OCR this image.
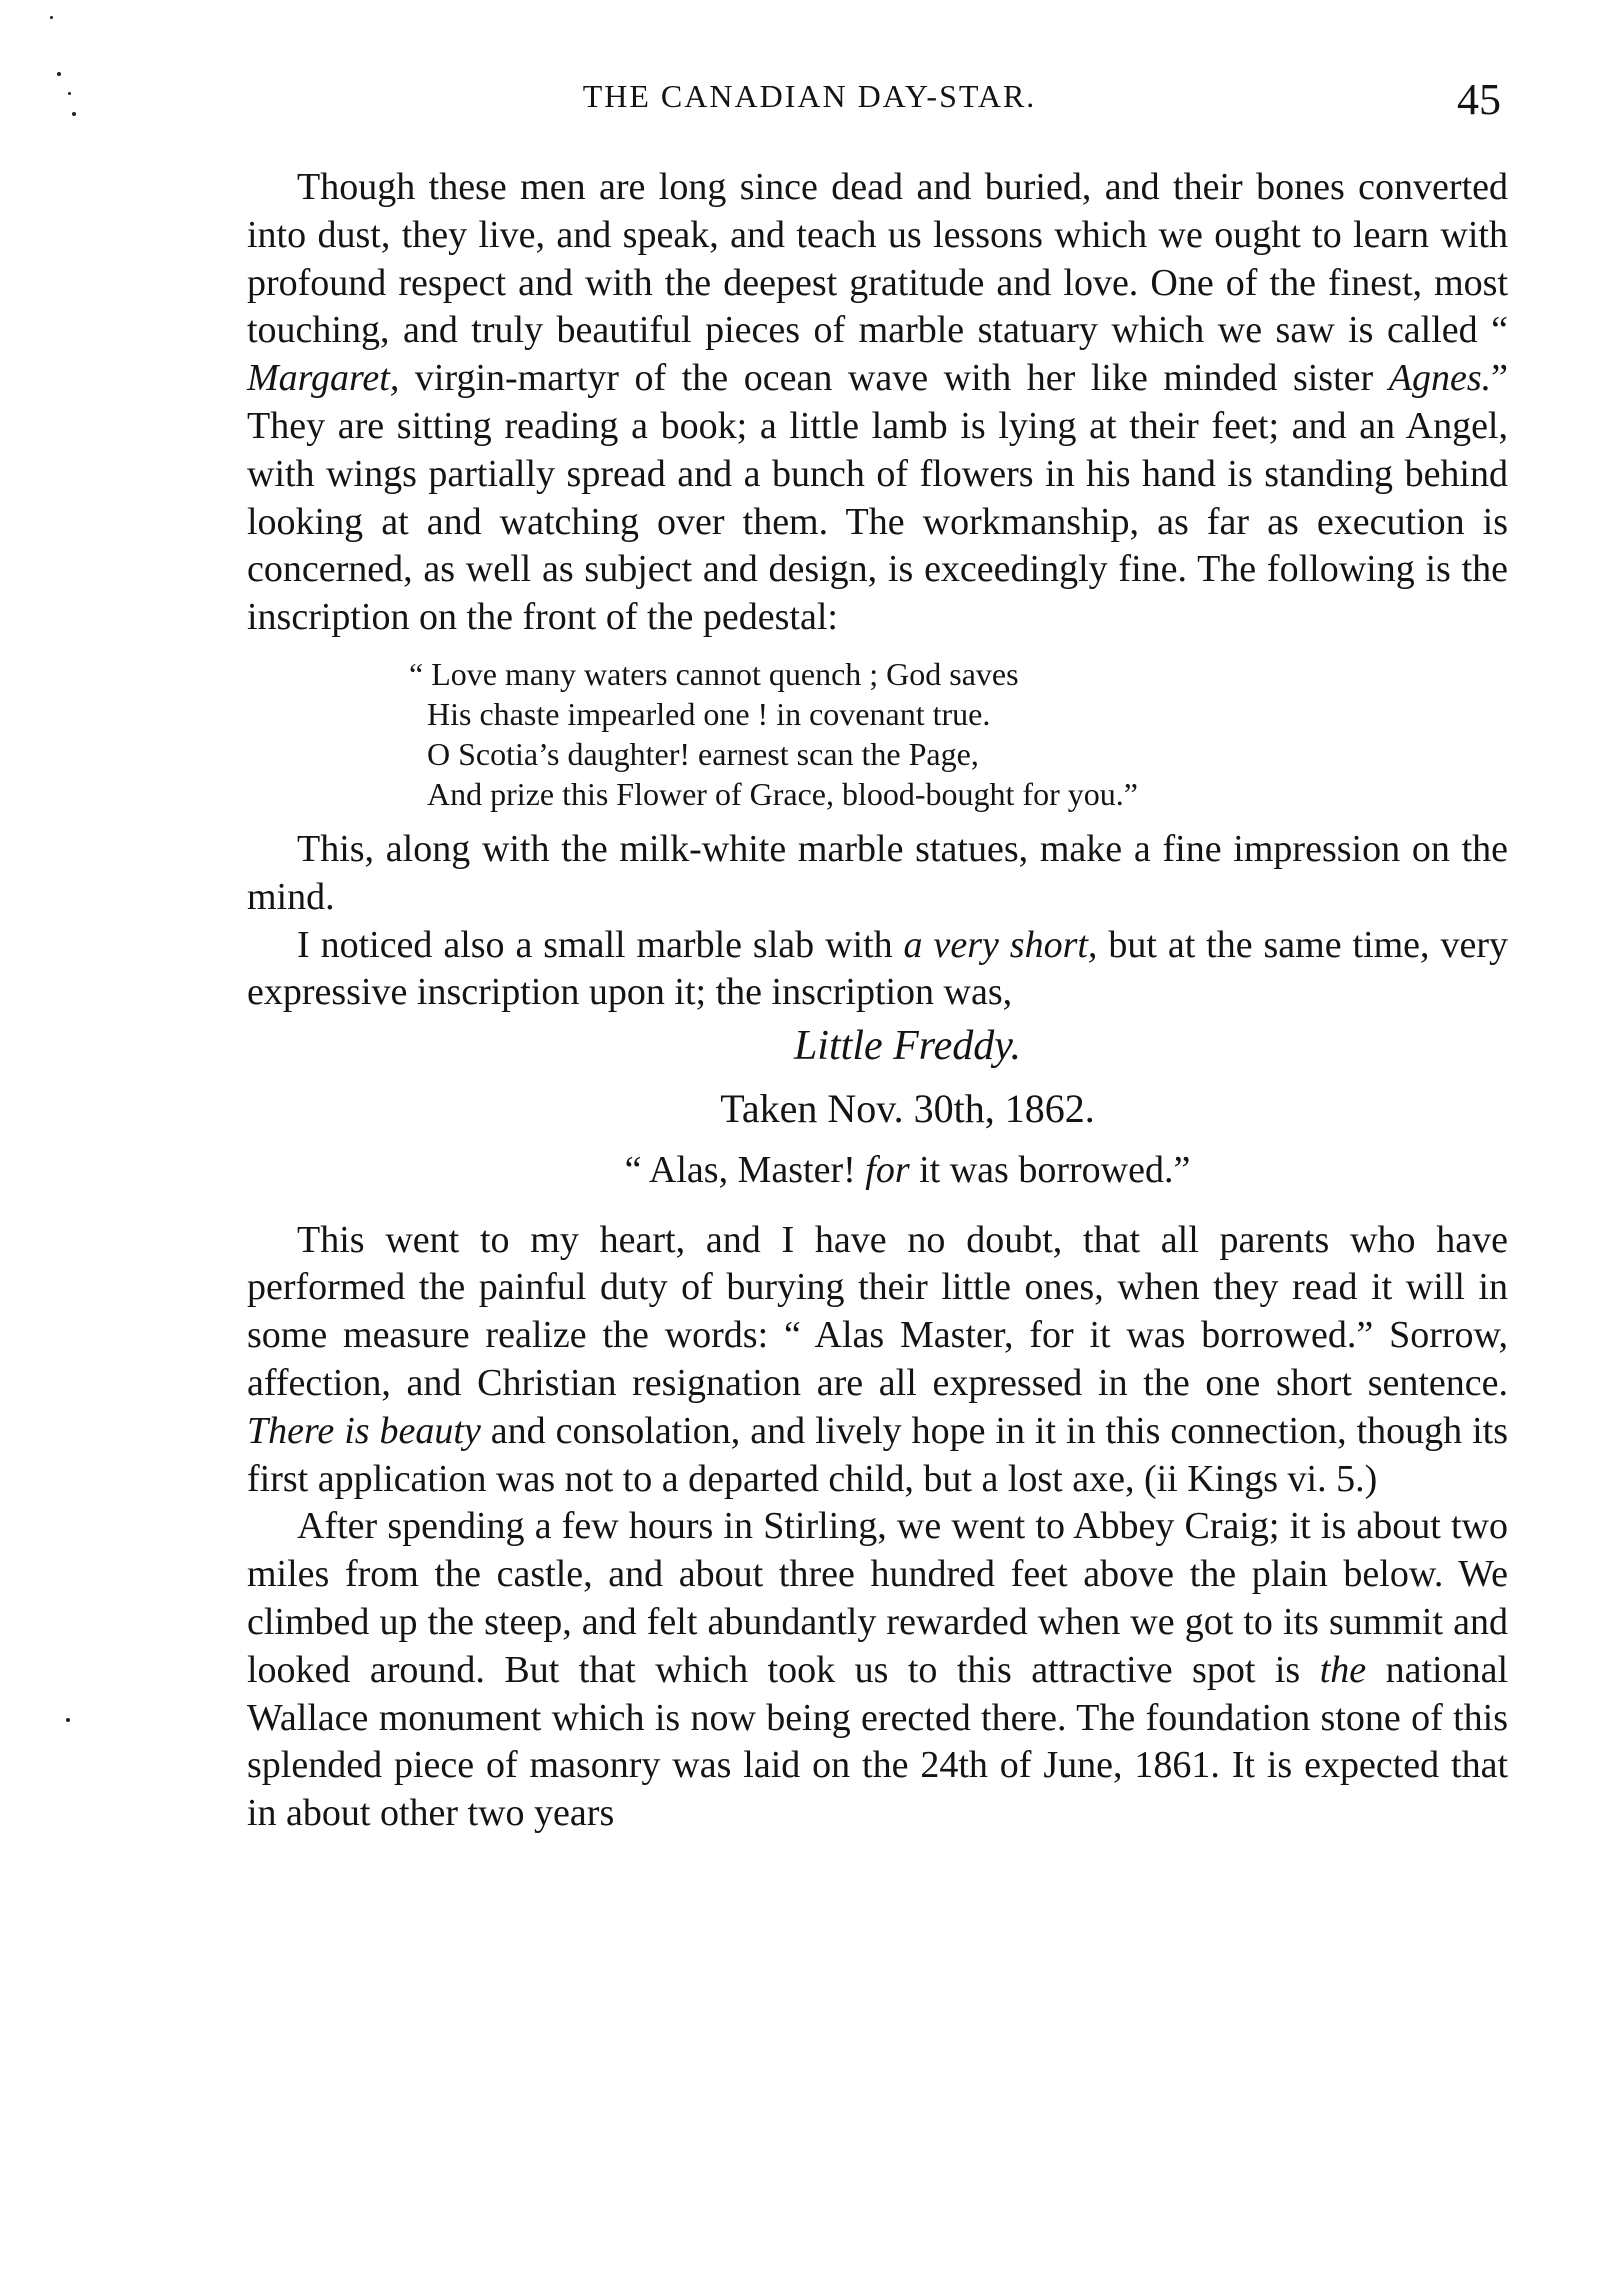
THE CANADIAN DAY-STAR.	45

Though these men are long since dead and buried, and their bones converted into dust, they live, and speak, and teach us lessons which we ought to learn with profound respect and with the deepest gratitude and love. One of the finest, most touching, and truly beautiful pieces of marble statuary which we saw is called “ Margaret, virgin-martyr of the ocean wave with her like minded sister Agnes.” They are sitting reading a book; a little lamb is lying at their feet; and an Angel, with wings partially spread and a bunch of flowers in his hand is standing behind looking at and watching over them. The workmanship, as far as execution is concerned, as well as subject and design, is exceedingly fine. The following is the inscription on the front of the pedestal:

“ Love many waters cannot quench ; God saves
His chaste impearled one ! in covenant true.
O Scotia’s daughter! earnest scan the Page,
And prize this Flower of Grace, blood-bought for you.”

This, along with the milk-white marble statues, make a fine impression on the mind.

I noticed also a small marble slab with a very short, but at the same time, very expressive inscription upon it; the inscription was,

Little Freddy.

Taken Nov. 30th, 1862.

“ Alas, Master! for it was borrowed.”

This went to my heart, and I have no doubt, that all parents who have performed the painful duty of burying their little ones, when they read it will in some measure realize the words: “ Alas Master, for it was borrowed.” Sorrow, affection, and Christian resignation are all expressed in the one short sentence. There is beauty and consolation, and lively hope in it in this connection, though its first application was not to a departed child, but a lost axe, (ii Kings vi. 5.)

After spending a few hours in Stirling, we went to Abbey Craig; it is about two miles from the castle, and about three hundred feet above the plain below. We climbed up the steep, and felt abundantly rewarded when we got to its summit and looked around. But that which took us to this attractive spot is the national Wallace monument which is now being erected there. The foundation stone of this splended piece of masonry was laid on the 24th of June, 1861. It is expected that in about other two years
